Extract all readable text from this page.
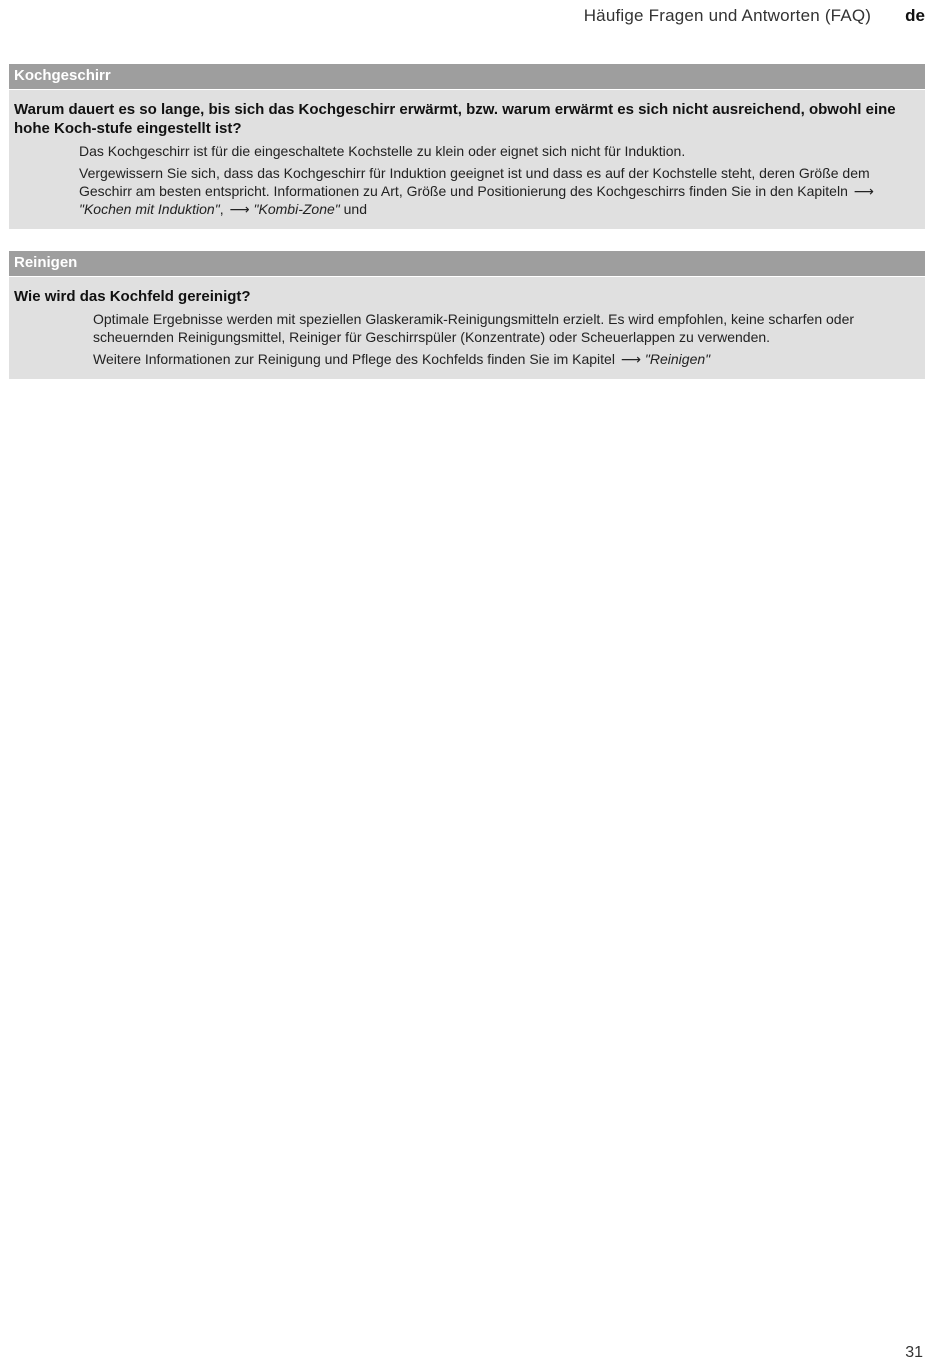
Häufige Fragen und Antworten (FAQ) de
Kochgeschirr
Warum dauert es so lange, bis sich das Kochgeschirr erwärmt, bzw. warum erwärmt es sich nicht ausreichend, obwohl eine hohe Koch-stufe eingestellt ist?

Das Kochgeschirr ist für die eingeschaltete Kochstelle zu klein oder eignet sich nicht für Induktion.

Vergewissern Sie sich, dass das Kochgeschirr für Induktion geeignet ist und dass es auf der Kochstelle steht, deren Größe dem Geschirr am besten entspricht. Informationen zu Art, Größe und Positionierung des Kochgeschirrs finden Sie in den Kapiteln ⟶"Kochen mit Induktion", ⟶ "Kombi-Zone" und

Reinigen
Wie wird das Kochfeld gereinigt?

Optimale Ergebnisse werden mit speziellen Glaskeramik-Reinigungsmitteln erzielt. Es wird empfohlen, keine scharfen oder scheuernden Reinigungsmittel, Reiniger für Geschirrspüler (Konzentrate) oder Scheuerlappen zu verwenden.

Weitere Informationen zur Reinigung und Pflege des Kochfelds finden Sie im Kapitel ⟶ "Reinigen"

31
